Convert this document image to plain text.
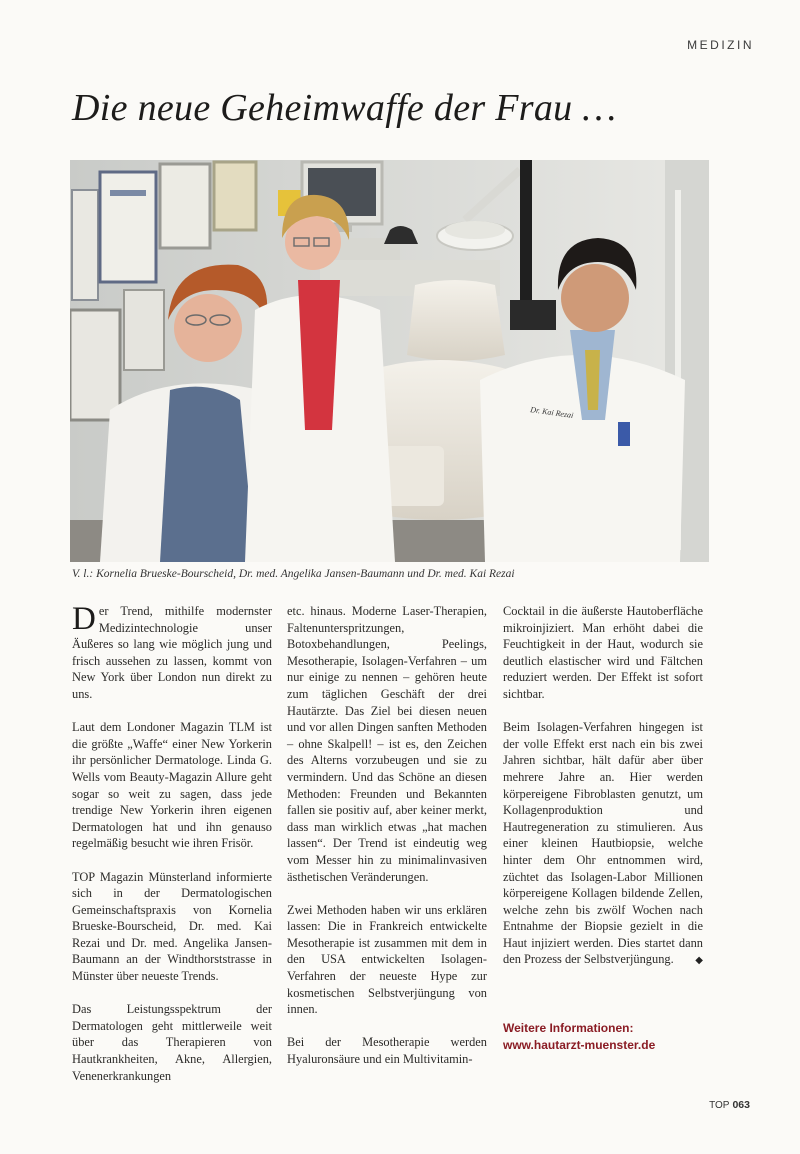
MEDIZIN
Die neue Geheimwaffe der Frau …
Dr. Kai Rezai
V. l.: Kornelia Brueske-Bourscheid, Dr. med. Angelika Jansen-Baumann und Dr. med. Kai Rezai

Der Trend, mithilfe modernster Medizintechnologie unser Äußeres so lang wie möglich jung und frisch aussehen zu lassen, kommt von New York über London nun direkt zu uns.

Laut dem Londoner Magazin TLM ist die größte „Waffe“ einer New Yorkerin ihr persönlicher Dermatologe. Linda G. Wells vom Beauty-Magazin Allure geht sogar so weit zu sagen, dass jede trendige New Yorkerin ihren eigenen Dermatologen hat und ihn genauso regelmäßig besucht wie ihren Frisör.

TOP Magazin Münsterland informierte sich in der Dermatologischen Gemeinschaftspraxis von Kornelia Brueske-Bourscheid, Dr. med. Kai Rezai und Dr. med. Angelika Jansen-Baumann an der Windthorststrasse in Münster über neueste Trends.

Das Leistungsspektrum der Dermatologen geht mittlerweile weit über das Therapieren von Hautkrankheiten, Akne, Allergien, Venenerkrankungen

etc. hinaus. Moderne Laser-Therapien, Faltenunterspritzungen, Botoxbehandlungen, Peelings, Mesotherapie, Isolagen-Verfahren – um nur einige zu nennen – gehören heute zum täglichen Geschäft der drei Hautärzte. Das Ziel bei diesen neuen und vor allen Dingen sanften Methoden – ohne Skalpell! – ist es, den Zeichen des Alterns vorzubeugen und sie zu vermindern. Und das Schöne an diesen Methoden: Freunden und Bekannten fallen sie positiv auf, aber keiner merkt, dass man wirklich etwas „hat machen lassen“. Der Trend ist eindeutig weg vom Messer hin zu minimalinvasiven ästhetischen Veränderungen.

Zwei Methoden haben wir uns erklären lassen: Die in Frankreich entwickelte Mesotherapie ist zusammen mit dem in den USA entwickelten Isolagen-Verfahren der neueste Hype zur kosmetischen Selbstverjüngung von innen.

Bei der Mesotherapie werden Hyaluronsäure und ein Multivitamin-

Cocktail in die äußerste Hautoberfläche mikroinjiziert. Man erhöht dabei die Feuchtigkeit in der Haut, wodurch sie deutlich elastischer wird und Fältchen reduziert werden. Der Effekt ist sofort sichtbar.

Beim Isolagen-Verfahren hingegen ist der volle Effekt erst nach ein bis zwei Jahren sichtbar, hält dafür aber über mehrere Jahre an. Hier werden körpereigene Fibroblasten genutzt, um Kollagenproduktion und Hautregeneration zu stimulieren. Aus einer kleinen Hautbiopsie, welche hinter dem Ohr entnommen wird, züchtet das Isolagen-Labor Millionen körpereigene Kollagen bildende Zellen, welche zehn bis zwölf Wochen nach Entnahme der Biopsie gezielt in die Haut injiziert werden. Dies startet dann den Prozess der Selbstverjüngung. ◆

Weitere Informationen:
www.hautarzt-muenster.de
TOP 063
